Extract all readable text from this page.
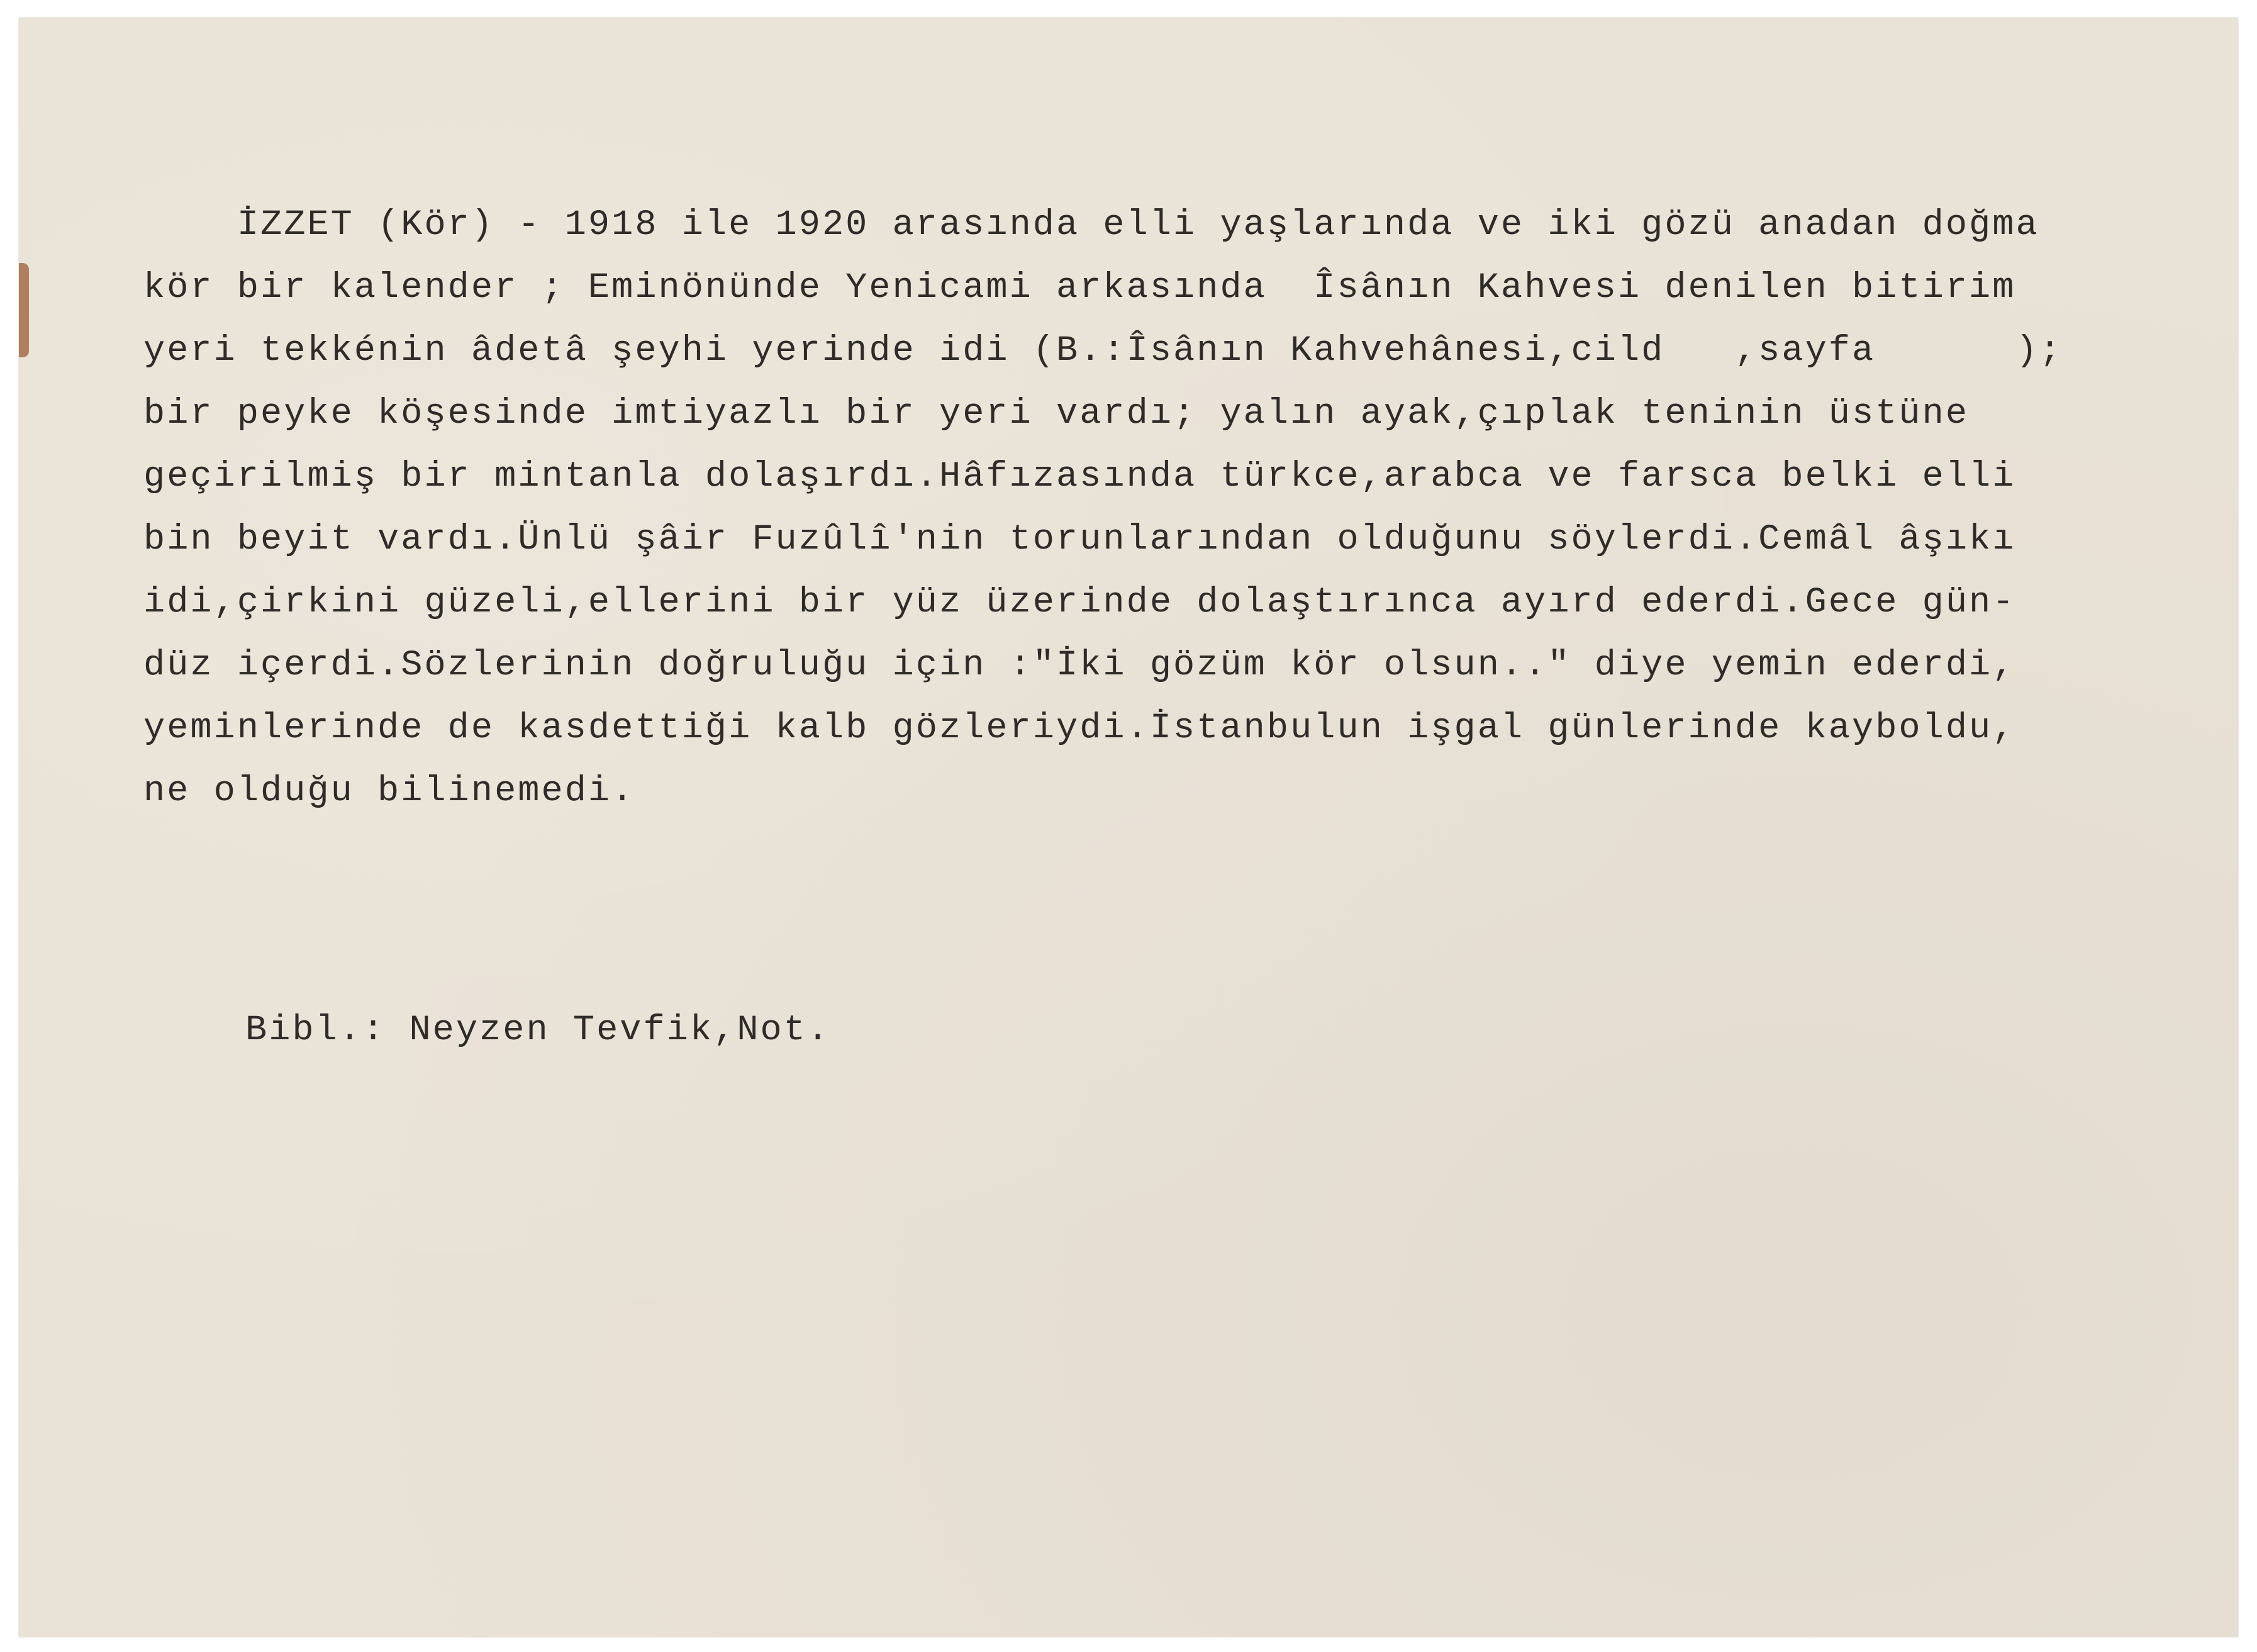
İZZET (Kör) - 1918 ile 1920 arasında elli yaşlarında ve iki gözü anadan doğma
kör bir kalender ; Eminönünde Yenicami arkasında  Îsânın Kahvesi denilen bitirim
yeri tekkénin âdetâ şeyhi yerinde idi (B.:Îsânın Kahvehânesi,cild   ,sayfa      );
bir peyke köşesinde imtiyazlı bir yeri vardı; yalın ayak,çıplak teninin üstüne
geçirilmiş bir mintanla dolaşırdı.Hâfızasında türkce,arabca ve farsca belki elli
bin beyit vardı.Ünlü şâir Fuzûlî'nin torunlarından olduğunu söylerdi.Cemâl âşıkı
idi,çirkini güzeli,ellerini bir yüz üzerinde dolaştırınca ayırd ederdi.Gece gün-
düz içerdi.Sözlerinin doğruluğu için :"İki gözüm kör olsun.." diye yemin ederdi,
yeminlerinde de kasdettiği kalb gözleriydi.İstanbulun işgal günlerinde kayboldu,
ne olduğu bilinemedi.
Bibl.: Neyzen Tevfik,Not.
